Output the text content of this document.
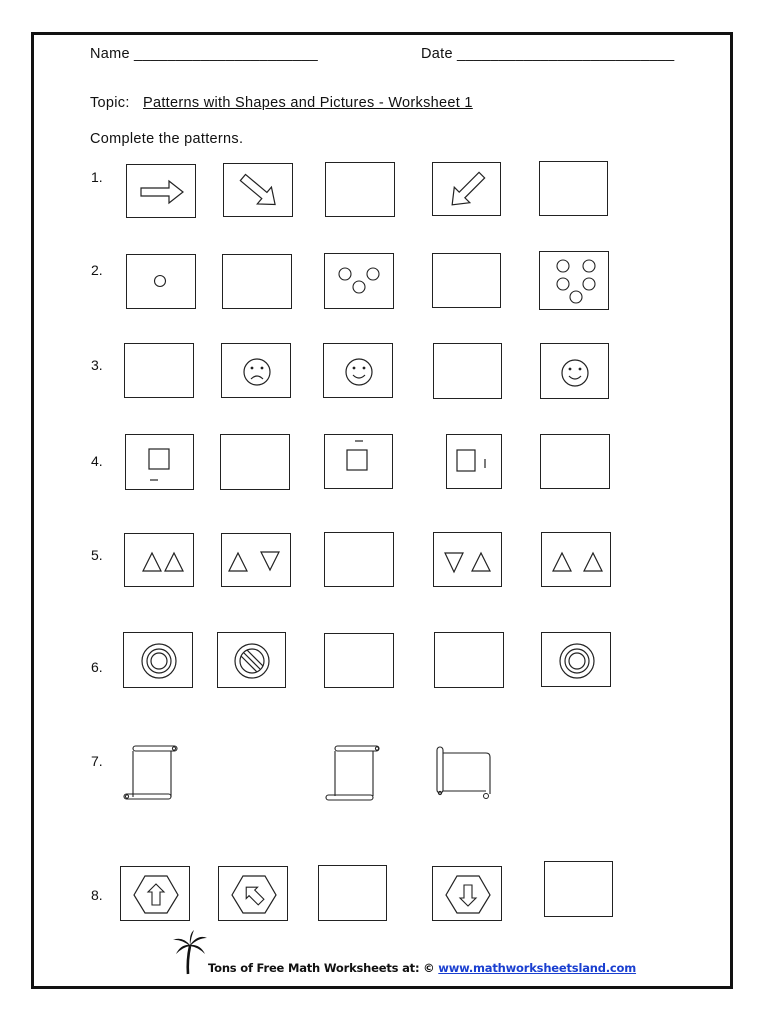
Name ______________________	Date __________________________
Topic: Patterns with Shapes and Pictures - Worksheet 1
Complete the patterns.
1.
2.
3.
4.
5.
6.
7.
8.
Tons of Free Math Worksheets at: © www.mathworksheetsland.com
